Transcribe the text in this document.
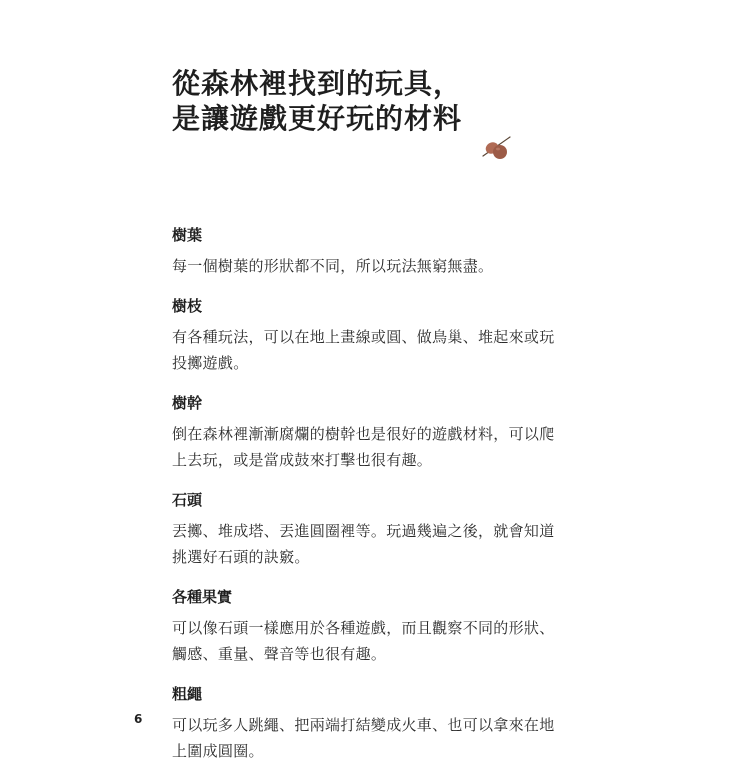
從森林裡找到的玩具，
是讓遊戲更好玩的材料
樹葉
每一個樹葉的形狀都不同，所以玩法無窮無盡。
樹枝
有各種玩法，可以在地上畫線或圓、做鳥巢、堆起來或玩
投擲遊戲。
樹幹
倒在森林裡漸漸腐爛的樹幹也是很好的遊戲材料，可以爬
上去玩，或是當成鼓來打擊也很有趣。
石頭
丟擲、堆成塔、丟進圓圈裡等。玩過幾遍之後，就會知道
挑選好石頭的訣竅。
各種果實
可以像石頭一樣應用於各種遊戲，而且觀察不同的形狀、
觸感、重量、聲音等也很有趣。
粗繩
可以玩多人跳繩、把兩端打結變成火車、也可以拿來在地
上圍成圓圈。
6
